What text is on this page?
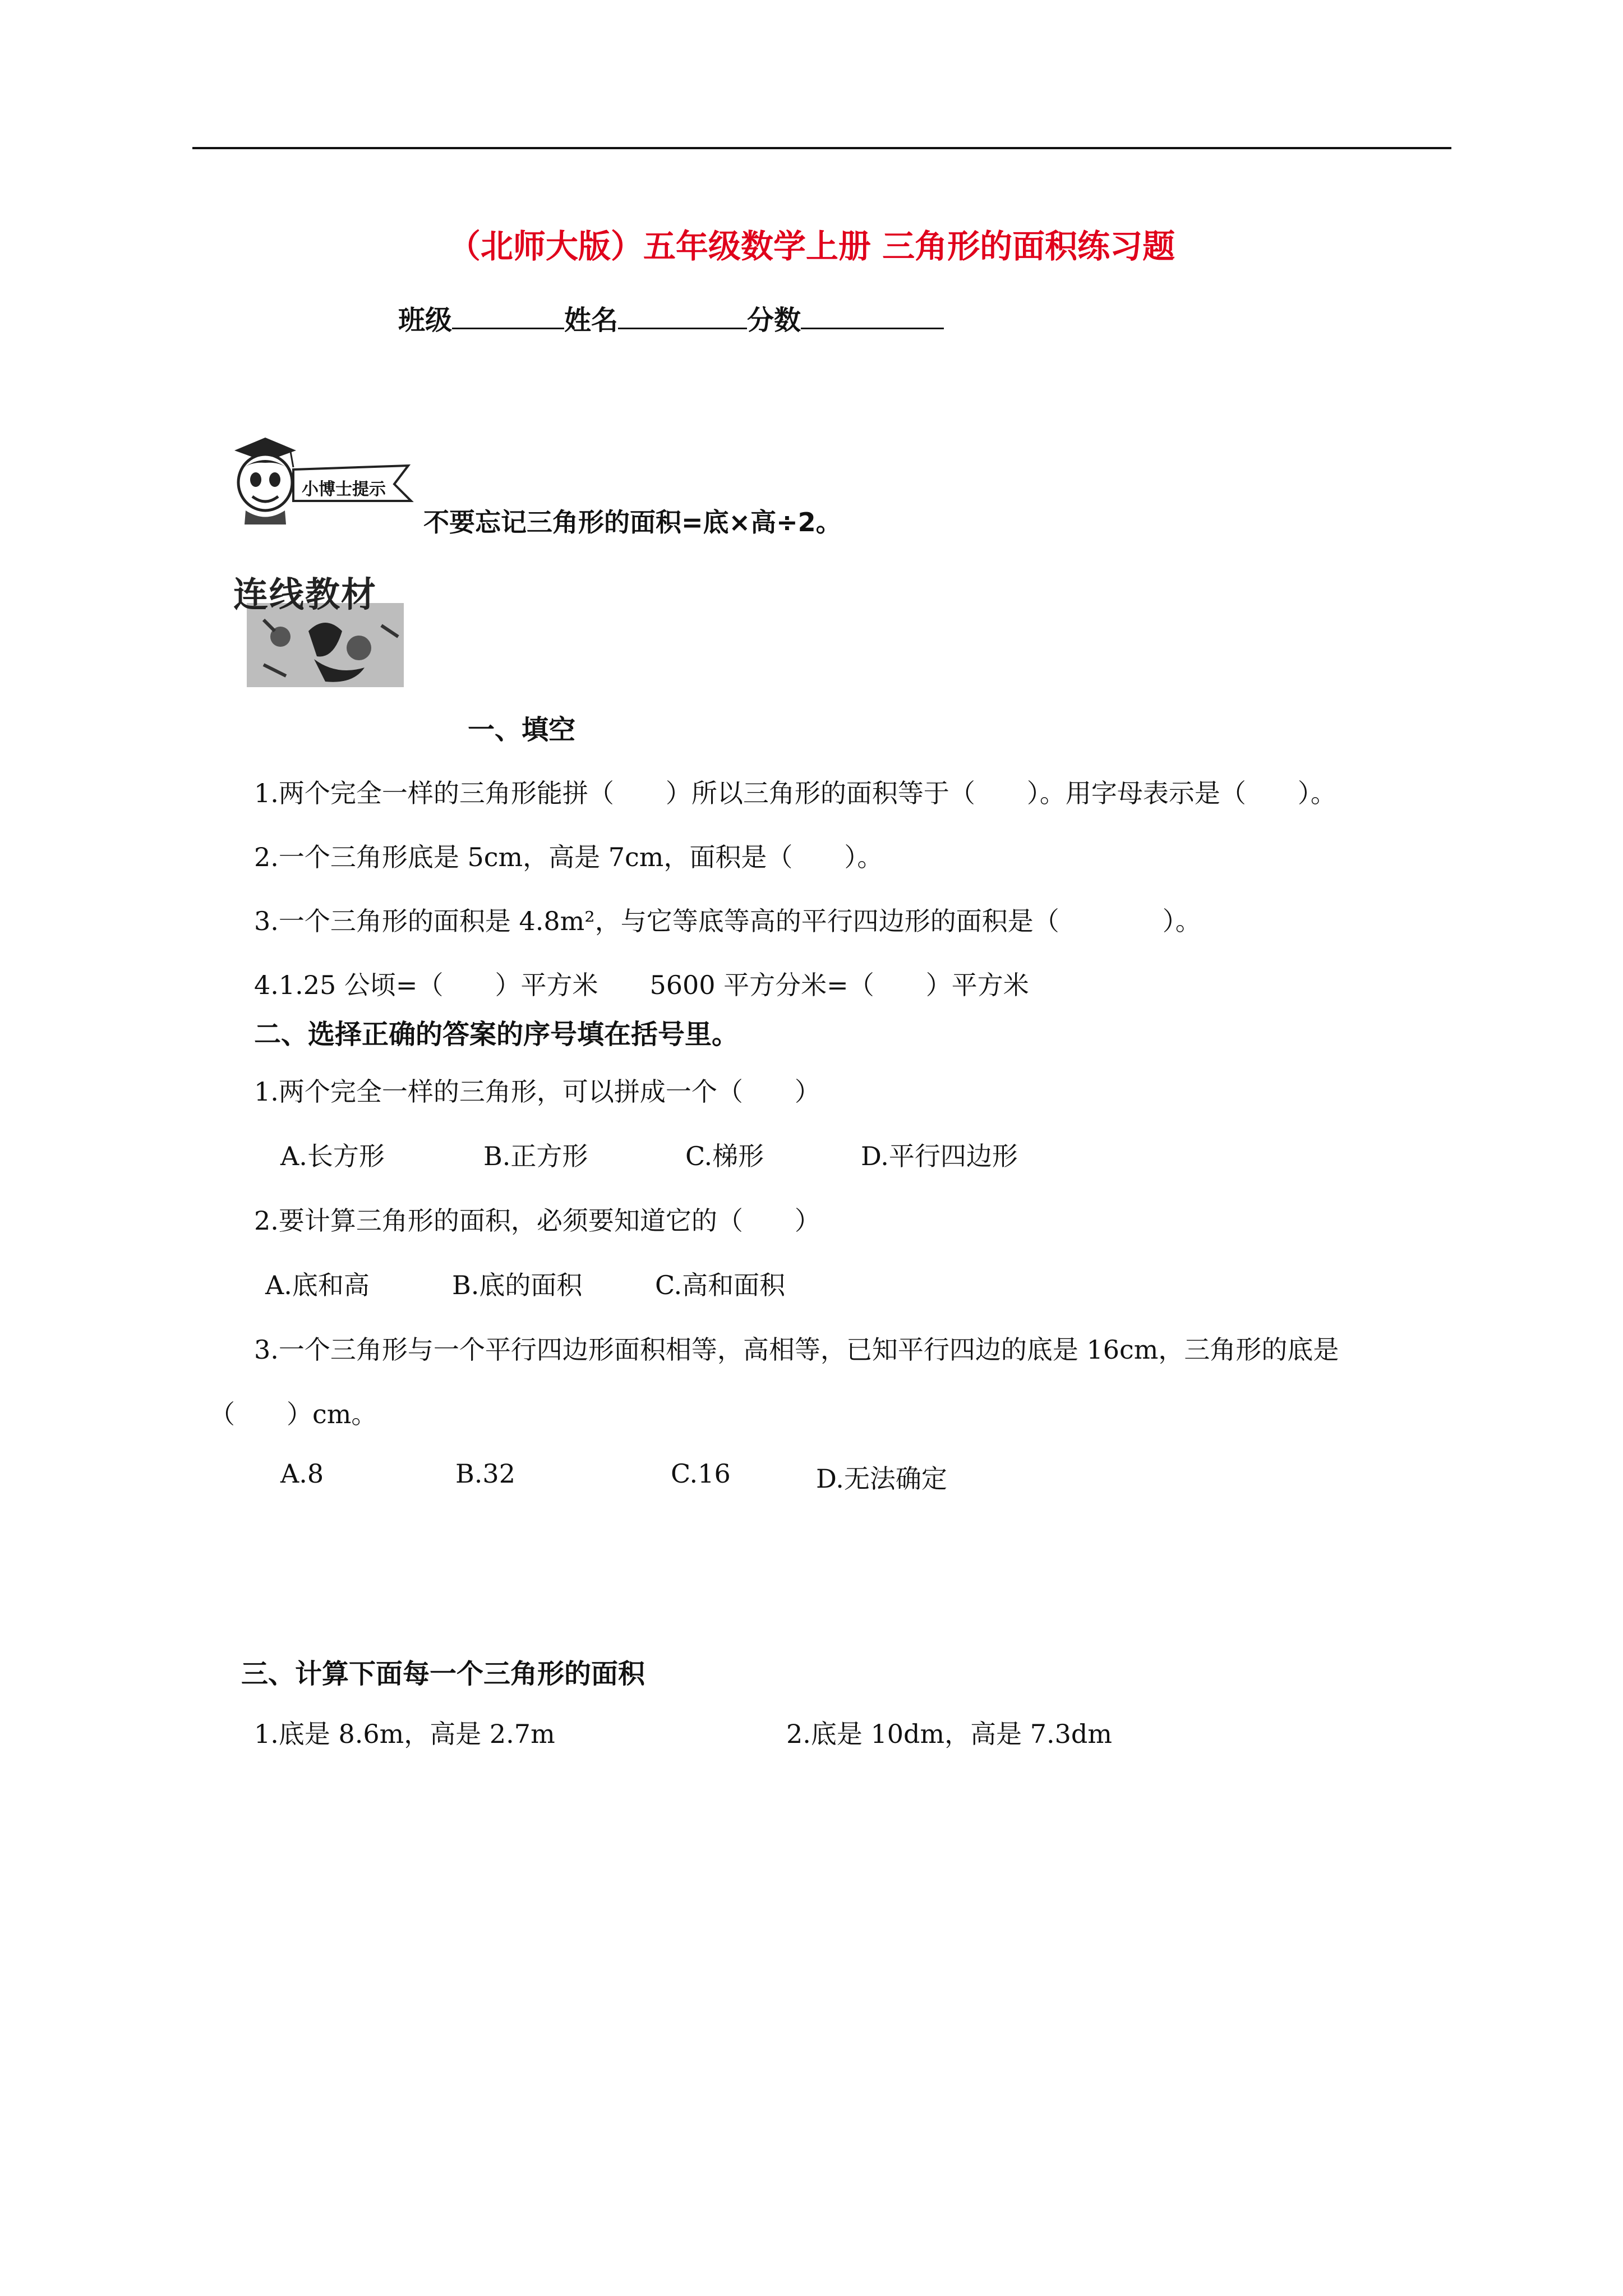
（北师大版）五年级数学上册 三角形的面积练习题
班级	姓名	分数
小博士提示
不要忘记三角形的面积=底×高÷2。
连线教材
一、填空
1.两个完全一样的三角形能拼（　　）所以三角形的面积等于（　　）。用字母表示是（　　）。
2.一个三角形底是 5cm，高是 7cm，面积是（　　）。
3.一个三角形的面积是 4.8m²，与它等底等高的平行四边形的面积是（　　　　）。
4.1.25 公顷=（　　）平方米　　5600 平方分米=（　　）平方米
二、选择正确的答案的序号填在括号里。
1.两个完全一样的三角形，可以拼成一个（　　）
A.长方形	B.正方形	C.梯形	D.平行四边形
2.要计算三角形的面积，必须要知道它的（　　）
A.底和高	B.底的面积	C.高和面积
3.一个三角形与一个平行四边形面积相等，高相等，已知平行四边的底是 16cm，三角形的底是
（　　）cm。
A.8	B.32	C.16	D.无法确定
三、计算下面每一个三角形的面积
1.底是 8.6m，高是 2.7m	2.底是 10dm，高是 7.3dm
